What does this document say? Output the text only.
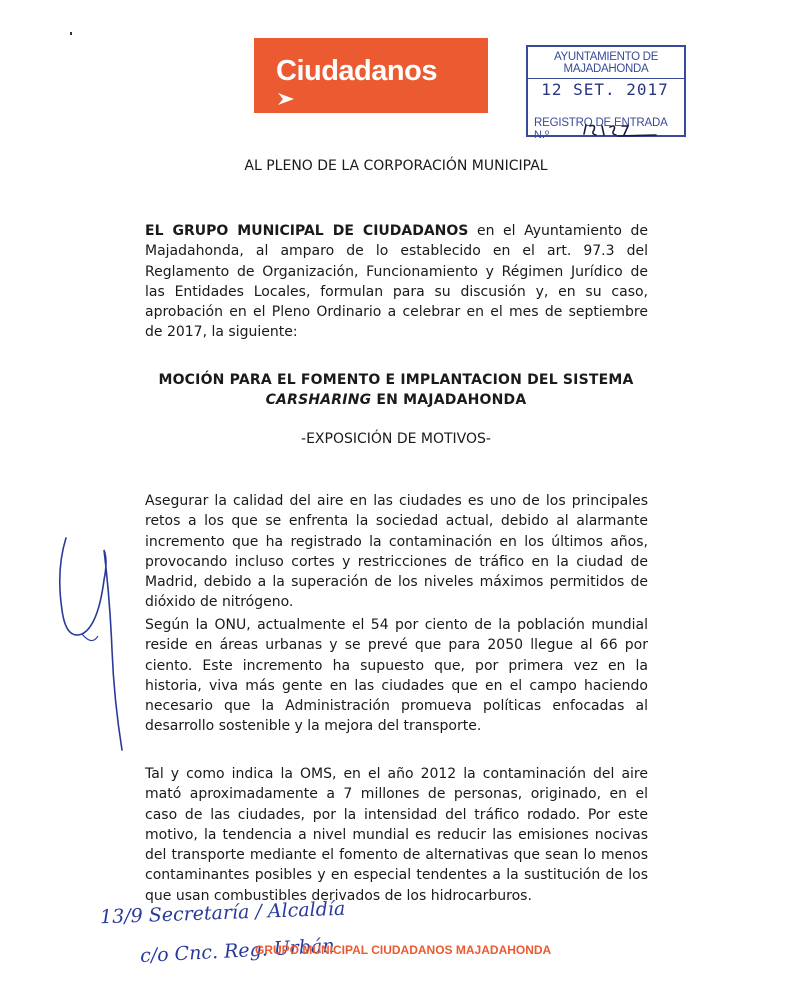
Ciudadanos	AYUNTAMIENTO DE MAJADAHONDA
12 SET. 2017
REGISTRO DE ENTRADA
N.º
AL PLENO DE LA CORPORACIÓN MUNICIPAL
EL GRUPO MUNICIPAL DE CIUDADANOS en el Ayuntamiento de Majadahonda, al amparo de lo establecido en el art. 97.3 del Reglamento de Organización, Funcionamiento y Régimen Jurídico de las Entidades Locales, formulan para su discusión y, en su caso, aprobación en el Pleno Ordinario a celebrar en el mes de septiembre de 2017, la siguiente:
MOCIÓN PARA EL FOMENTO E IMPLANTACION DEL SISTEMA
CARSHARING EN MAJADAHONDA
-EXPOSICIÓN DE MOTIVOS-
Asegurar la calidad del aire en las ciudades es uno de los principales retos a los que se enfrenta la sociedad actual, debido al alarmante incremento que ha registrado la contaminación en los últimos años, provocando incluso cortes y restricciones de tráfico en la ciudad de Madrid, debido a la superación de los niveles máximos permitidos de dióxido de nitrógeno.
Según la ONU, actualmente el 54 por ciento de la población mundial reside en áreas urbanas y se prevé que para 2050 llegue al 66 por ciento. Este incremento ha supuesto que, por primera vez en la historia, viva más gente en las ciudades que en el campo haciendo necesario que la Administración promueva políticas enfocadas al desarrollo sostenible y la mejora del transporte.
Tal y como indica la OMS, en el año 2012 la contaminación del aire mató aproximadamente a 7 millones de personas, originado, en el caso de las ciudades, por la intensidad del tráfico rodado. Por este motivo, la tendencia a nivel mundial es reducir las emisiones nocivas del transporte mediante el fomento de alternativas que sean lo menos contaminantes posibles y en especial tendentes a la sustitución de los que usan combustibles derivados de los hidrocarburos.
13/9 Secretaría / Alcaldía
c/o Cnc. Reg. Urbán
GRUPO MUNICIPAL CIUDADANOS MAJADAHONDA
